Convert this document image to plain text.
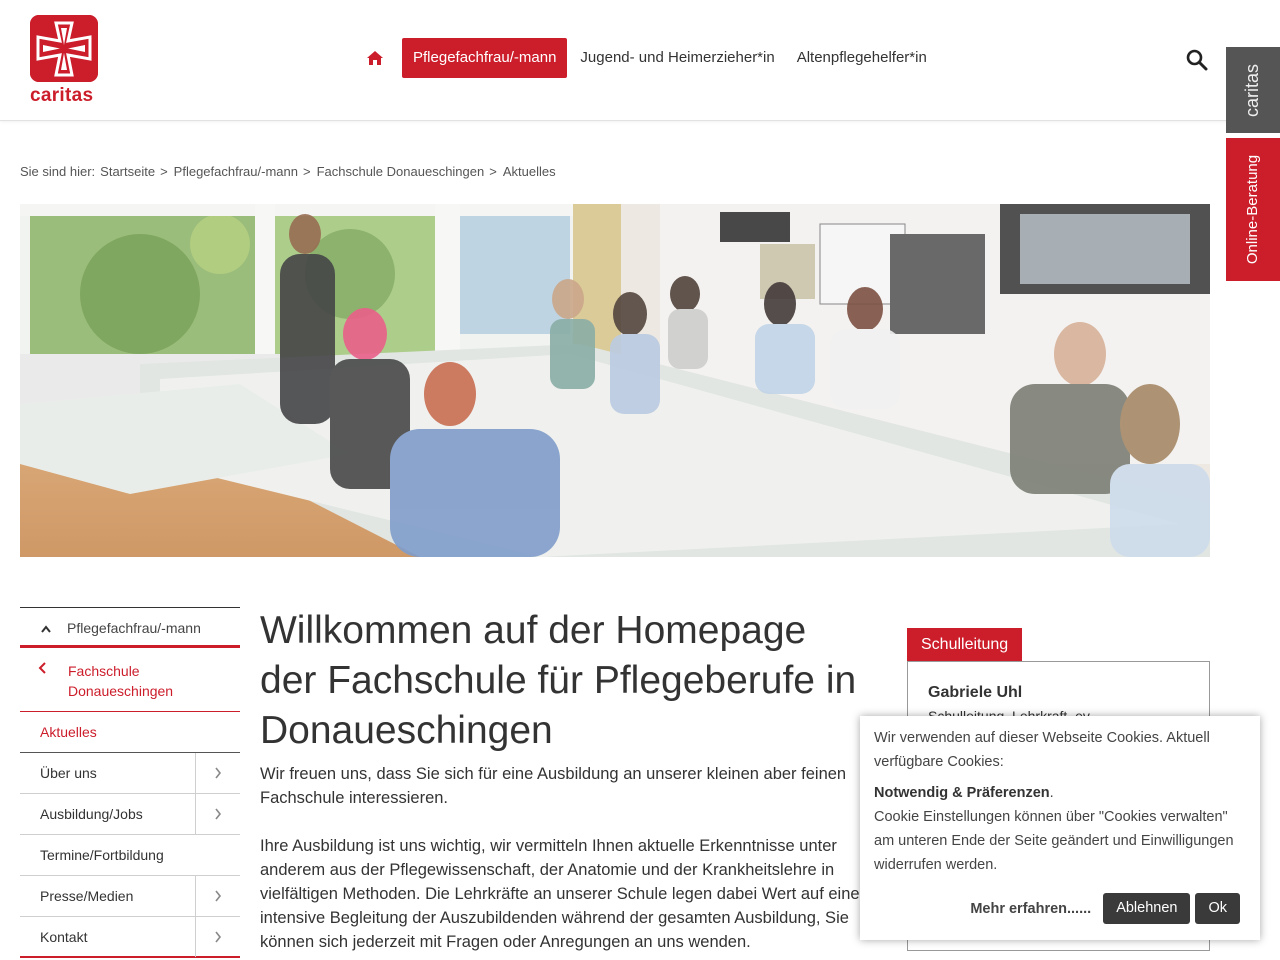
caritas
Pflegefachfrau/-mann	Jugend- und Heimerzieher*in	Altenpflegehelfer*in
caritas
Online-Beratung
Sie sind hier: Startseite > Pflegefachfrau/-mann > Fachschule Donaueschingen > Aktuelles
Pflegefachfrau/-mann
Fachschule
Donaueschingen
Aktuelles
Über uns
Ausbildung/Jobs
Termine/Fortbildung
Presse/Medien
Kontakt
Willkommen auf der Homepage
der Fachschule für Pflegeberufe in
Donaueschingen

Wir freuen uns, dass Sie sich für eine Ausbildung an unserer kleinen aber feinen Fachschule interessieren.

Ihre Ausbildung ist uns wichtig, wir vermitteln Ihnen aktuelle Erkenntnisse unter anderem aus der Pflegewissenschaft, der Anatomie und der Krankheitslehre in vielfältigen Methoden. Die Lehrkräfte an unserer Schule legen dabei Wert auf eine intensive Begleitung der Auszubildenden während der gesamten Ausbildung, Sie können sich jederzeit mit Fragen oder Anregungen an uns wenden.

Schulleitung
Gabriele Uhl

Wir verwenden auf dieser Webseite Cookies. Aktuell verfügbare Cookies:

Notwendig & Präferenzen.

Cookie Einstellungen können über "Cookies verwalten" am unteren Ende der Seite geändert und Einwilligungen widerrufen werden.

Mehr erfahren......	Ablehnen	Ok
